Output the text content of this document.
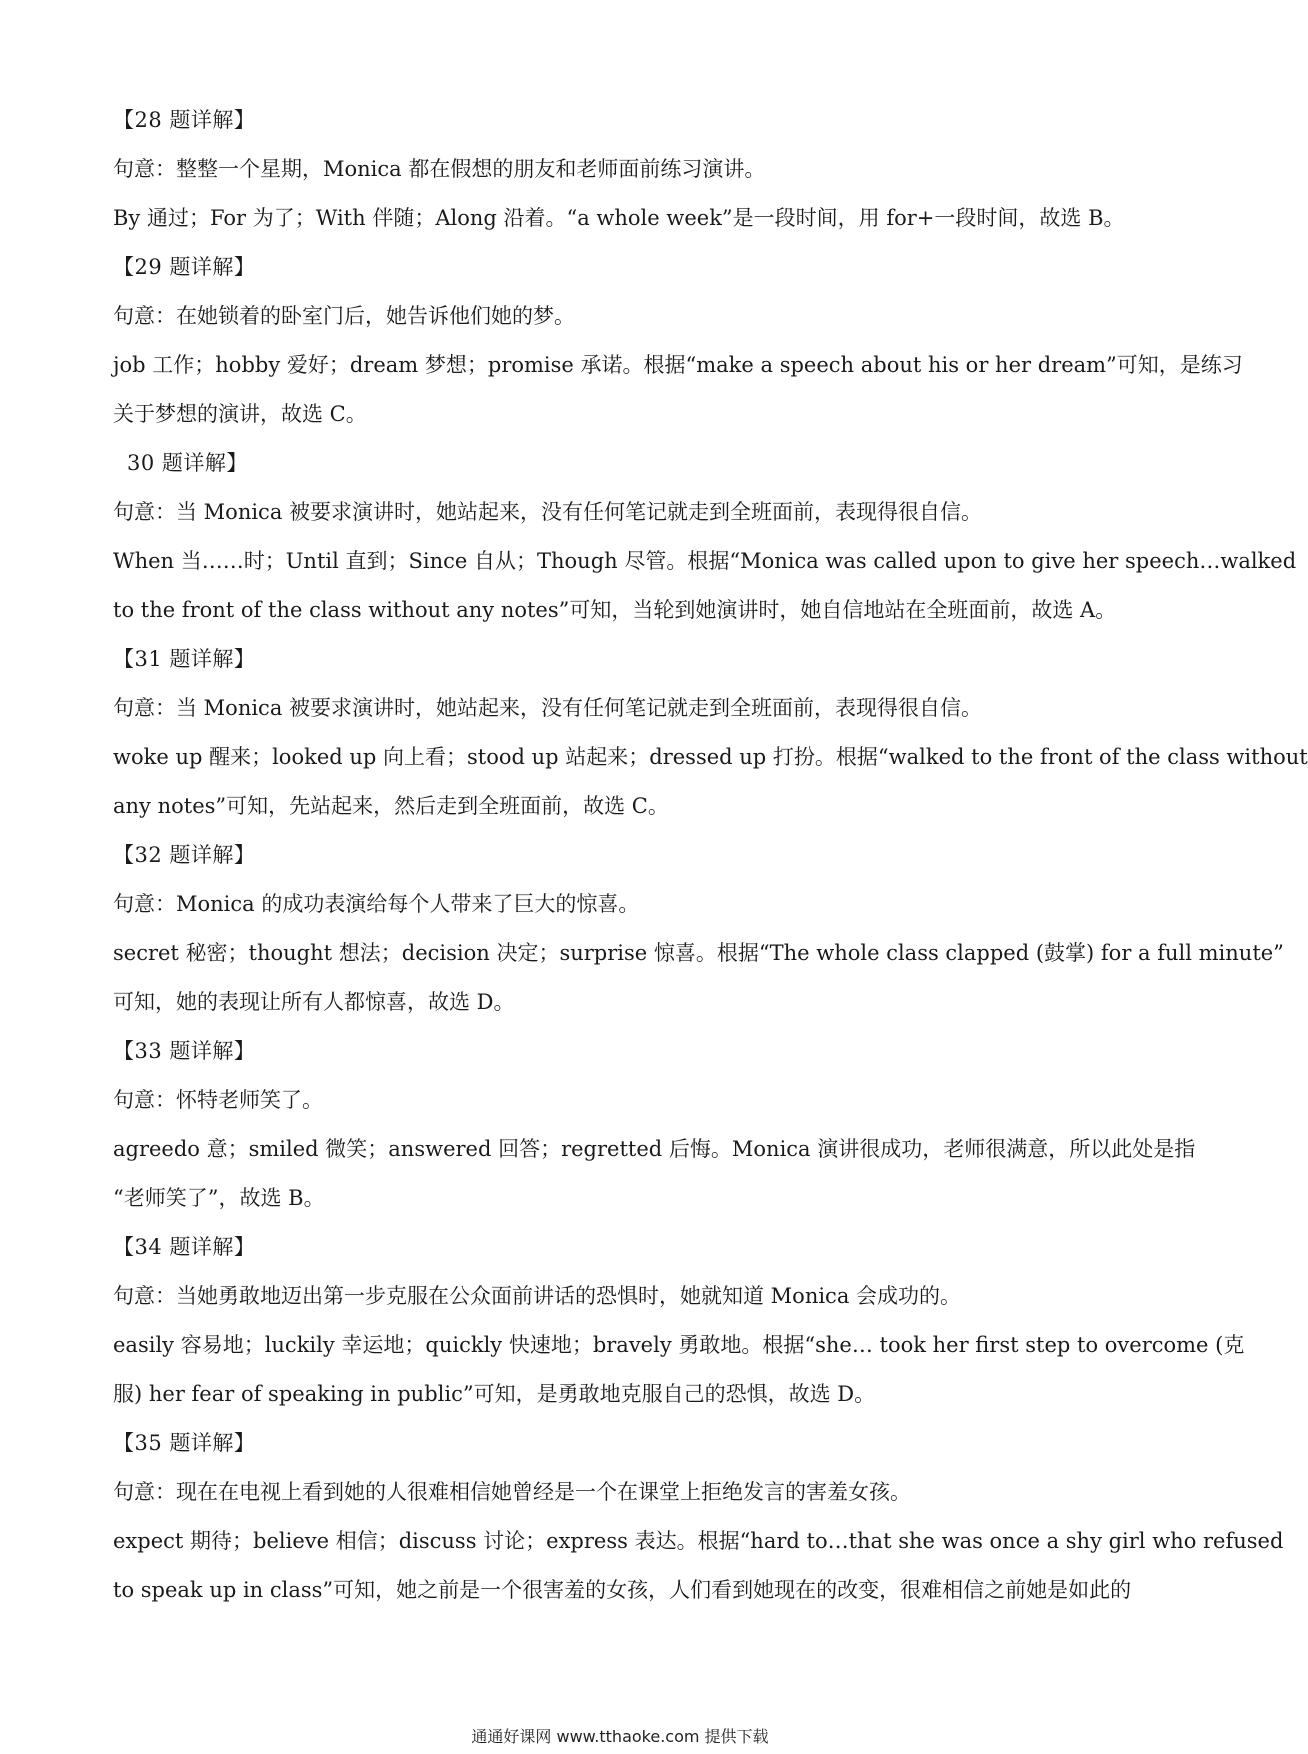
【28 题详解】
句意：整整一个星期，Monica 都在假想的朋友和老师面前练习演讲。
By 通过；For 为了；With 伴随；Along 沿着。“a whole week”是一段时间，用 for+一段时间，故选 B。
【29 题详解】
句意：在她锁着的卧室门后，她告诉他们她的梦。
job 工作；hobby 爱好；dream 梦想；promise 承诺。根据“make a speech about his or her dream”可知，是练习
关于梦想的演讲，故选 C。
30 题详解】
句意：当 Monica 被要求演讲时，她站起来，没有任何笔记就走到全班面前，表现得很自信。
When 当……时；Until 直到；Since 自从；Though 尽管。根据“Monica was called upon to give her speech…walked
to the front of the class without any notes”可知，当轮到她演讲时，她自信地站在全班面前，故选 A。
【31 题详解】
句意：当 Monica 被要求演讲时，她站起来，没有任何笔记就走到全班面前，表现得很自信。
woke up 醒来；looked up 向上看；stood up 站起来；dressed up 打扮。根据“walked to the front of the class without
any notes”可知，先站起来，然后走到全班面前，故选 C。
【32 题详解】
句意：Monica 的成功表演给每个人带来了巨大的惊喜。
secret 秘密；thought 想法；decision 决定；surprise 惊喜。根据“The whole class clapped (鼓掌) for a full minute”
可知，她的表现让所有人都惊喜，故选 D。
【33 题详解】
句意：怀特老师笑了。
agreedo 意；smiled 微笑；answered 回答；regretted 后悔。Monica 演讲很成功，老师很满意，所以此处是指
“老师笑了”，故选 B。
【34 题详解】
句意：当她勇敢地迈出第一步克服在公众面前讲话的恐惧时，她就知道 Monica 会成功的。
easily 容易地；luckily 幸运地；quickly 快速地；bravely 勇敢地。根据“she… took her first step to overcome (克
服) her fear of speaking in public”可知，是勇敢地克服自己的恐惧，故选 D。
【35 题详解】
句意：现在在电视上看到她的人很难相信她曾经是一个在课堂上拒绝发言的害羞女孩。
expect 期待；believe 相信；discuss 讨论；express 表达。根据“hard to…that she was once a shy girl who refused
to speak up in class”可知，她之前是一个很害羞的女孩，人们看到她现在的改变，很难相信之前她是如此的
通通好课网 www.tthaoke.com 提供下载
